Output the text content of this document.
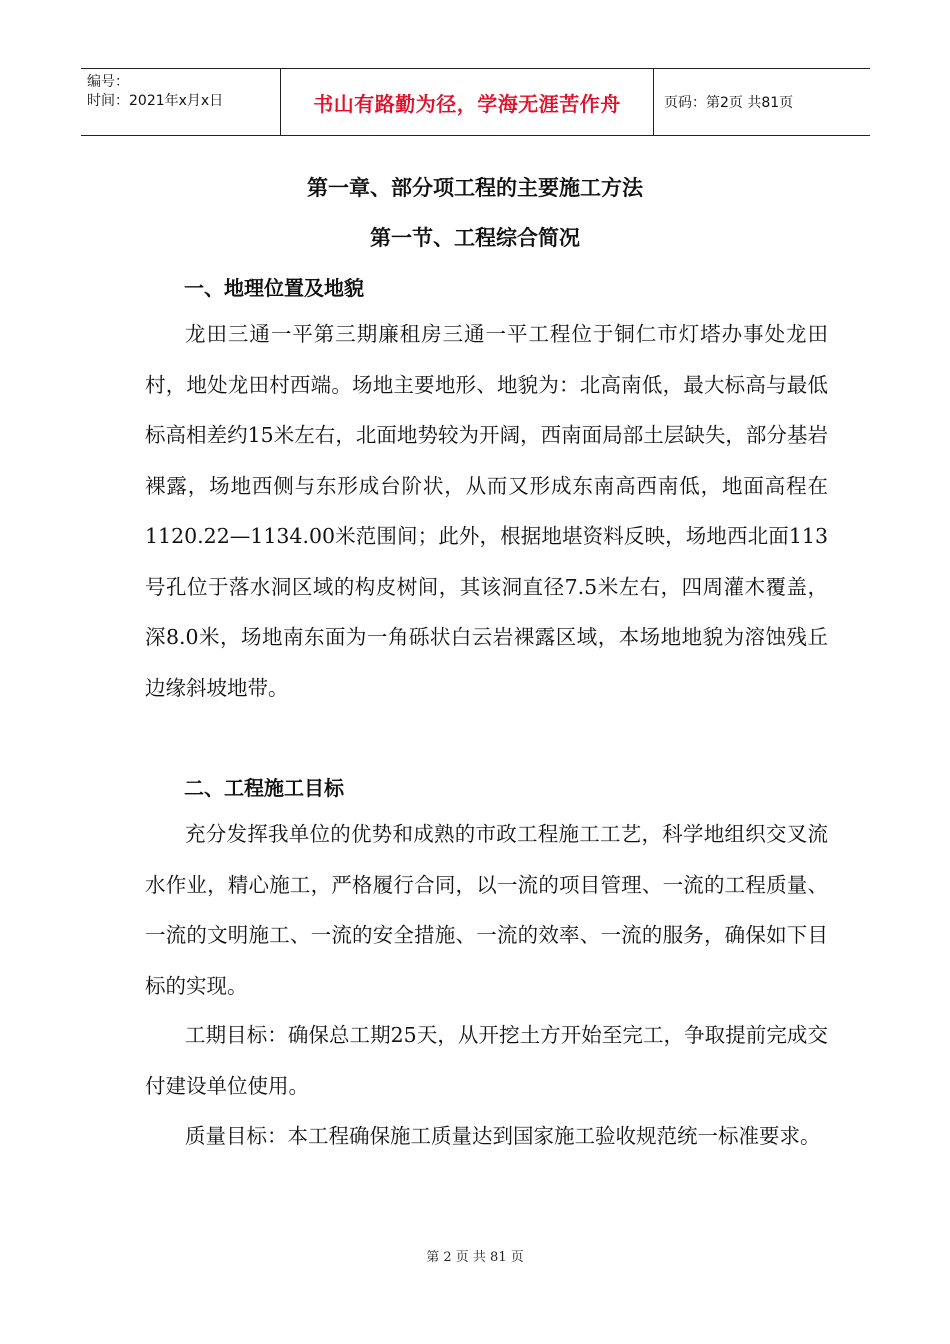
编号：
时间：2021年x月x日	书山有路勤为径，学海无涯苦作舟	页码：第2页 共81页
第一章、部分项工程的主要施工方法
第一节、工程综合简况
一、地理位置及地貌

龙田三通一平第三期廉租房三通一平工程位于铜仁市灯塔办事处龙田村，地处龙田村西端。场地主要地形、地貌为：北高南低，最大标高与最低标高相差约15米左右，北面地势较为开阔，西南面局部土层缺失，部分基岩裸露，场地西侧与东形成台阶状，从而又形成东南高西南低，地面高程在1120.22—1134.00米范围间；此外，根据地堪资料反映，场地西北面113号孔位于落水洞区域的构皮树间，其该洞直径7.5米左右，四周灌木覆盖，深8.0米，场地南东面为一角砾状白云岩裸露区域，本场地地貌为溶蚀残丘边缘斜坡地带。

二、工程施工目标

充分发挥我单位的优势和成熟的市政工程施工工艺，科学地组织交叉流水作业，精心施工，严格履行合同，以一流的项目管理、一流的工程质量、一流的文明施工、一流的安全措施、一流的效率、一流的服务，确保如下目标的实现。

工期目标：确保总工期25天，从开挖土方开始至完工，争取提前完成交付建设单位使用。

质量目标：本工程确保施工质量达到国家施工验收规范统一标准要求。

第 2 页 共 81 页
